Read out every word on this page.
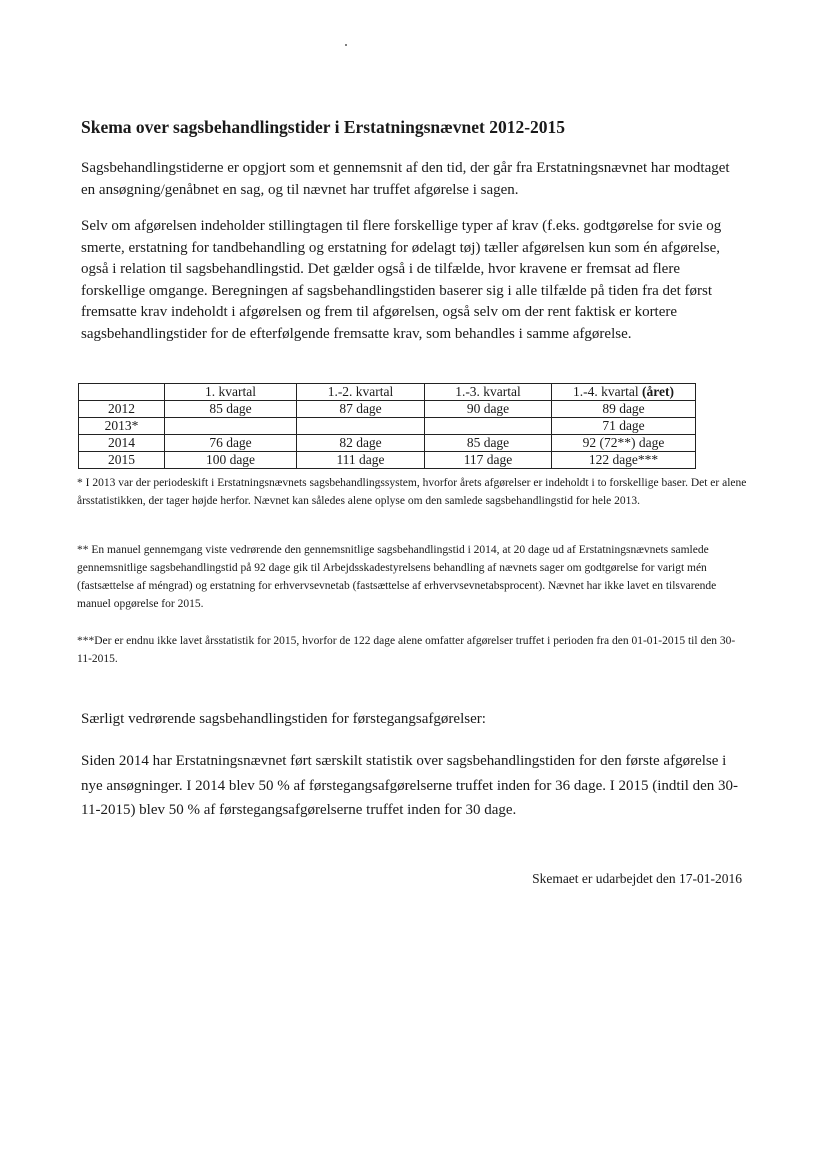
Skema over sagsbehandlingstider i Erstatningsnævnet 2012-2015

Sagsbehandlingstiderne er opgjort som et gennemsnit af den tid, der går fra Erstatningsnævnet har modtaget en ansøgning/genåbnet en sag, og til nævnet har truffet afgørelse i sagen.

Selv om afgørelsen indeholder stillingtagen til flere forskellige typer af krav (f.eks. godtgørelse for svie og smerte, erstatning for tandbehandling og erstatning for ødelagt tøj) tæller afgørelsen kun som én afgørelse, også i relation til sagsbehandlingstid. Det gælder også i de tilfælde, hvor kravene er fremsat ad flere forskellige omgange. Beregningen af sagsbehandlingstiden baserer sig i alle tilfælde på tiden fra det først fremsatte krav indeholdt i afgørelsen og frem til afgørelsen, også selv om der rent faktisk er kortere sagsbehandlingstider for de efterfølgende fremsatte krav, som behandles i samme afgørelse.

	1. kvartal	1.-2. kvartal	1.-3. kvartal	1.-4. kvartal (året)
2012	85 dage	87 dage	90 dage	89 dage
2013*				71 dage
2014	76 dage	82 dage	85 dage	92 (72**) dage
2015	100 dage	111 dage	117 dage	122 dage***

* I 2013 var der periodeskift i Erstatningsnævnets sagsbehandlingssystem, hvorfor årets afgørelser er indeholdt i to forskellige baser. Det er alene årsstatistikken, der tager højde herfor. Nævnet kan således alene oplyse om den samlede sagsbehandlingstid for hele 2013.

** En manuel gennemgang viste vedrørende den gennemsnitlige sagsbehandlingstid i 2014, at 20 dage ud af Erstatningsnævnets samlede gennemsnitlige sagsbehandlingstid på 92 dage gik til Arbejdsskadestyrelsens behandling af nævnets sager om godtgørelse for varigt mén (fastsættelse af méngrad) og erstatning for erhvervsevnetab (fastsættelse af erhvervsevnetabsprocent). Nævnet har ikke lavet en tilsvarende manuel opgørelse for 2015.

***Der er endnu ikke lavet årsstatistik for 2015, hvorfor de 122 dage alene omfatter afgørelser truffet i perioden fra den 01-01-2015 til den 30-11-2015.

Særligt vedrørende sagsbehandlingstiden for førstegangsafgørelser:

Siden 2014 har Erstatningsnævnet ført særskilt statistik over sagsbehandlingstiden for den første afgørelse i nye ansøgninger. I 2014 blev 50 % af førstegangsafgørelserne truffet inden for 36 dage. I 2015 (indtil den 30-11-2015) blev 50 % af førstegangsafgørelserne truffet inden for 30 dage.

Skemaet er udarbejdet den 17-01-2016
